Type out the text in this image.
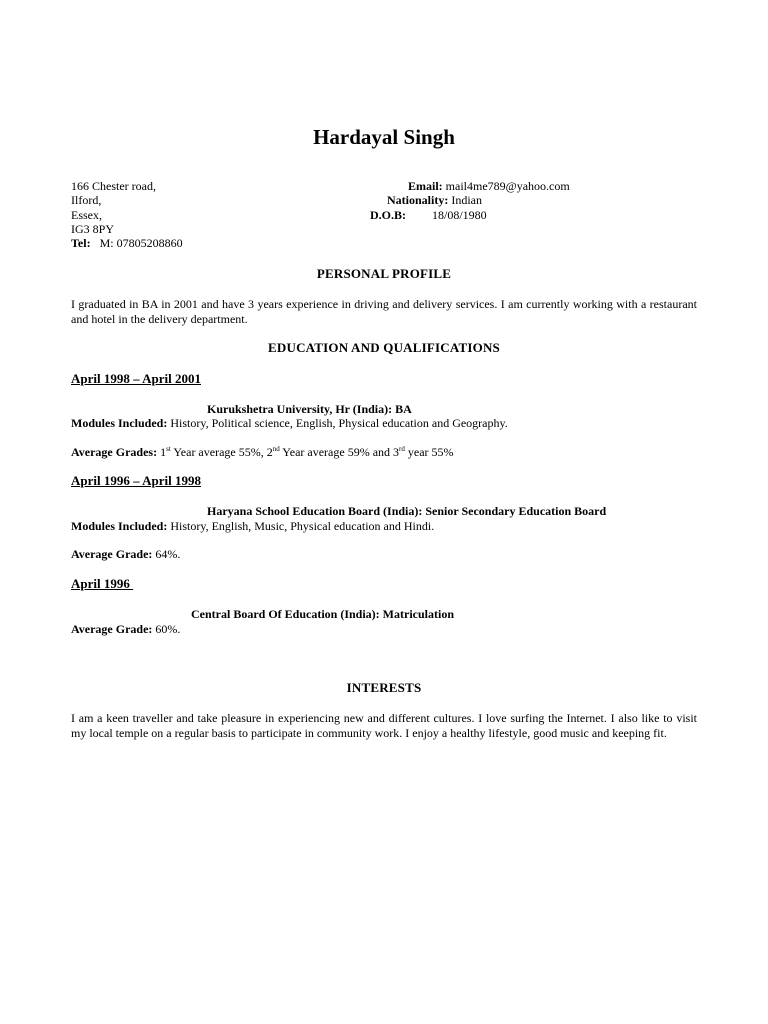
Hardayal Singh
166 Chester road,
Ilford,
Essex,
IG3 8PY
Tel: M: 07805208860
Email: mail4me789@yahoo.com
Nationality: Indian
D.O.B: 18/08/1980
PERSONAL PROFILE
I graduated in BA in 2001 and have 3 years experience in driving and delivery services. I am currently working with a restaurant and hotel in the delivery department.
EDUCATION AND QUALIFICATIONS
April 1998 – April 2001
Kurukshetra University, Hr (India): BA
Modules Included: History, Political science, English, Physical education and Geography.
Average Grades: 1st Year average 55%, 2nd Year average 59% and 3rd year 55%
April 1996 – April 1998
Haryana School Education Board (India): Senior Secondary Education Board
Modules Included: History, English, Music, Physical education and Hindi.
Average Grade: 64%.
April 1996
Central Board Of Education (India): Matriculation
Average Grade: 60%.
INTERESTS
I am a keen traveller and take pleasure in experiencing new and different cultures. I love surfing the Internet. I also like to visit my local temple on a regular basis to participate in community work. I enjoy a healthy lifestyle, good music and keeping fit.
